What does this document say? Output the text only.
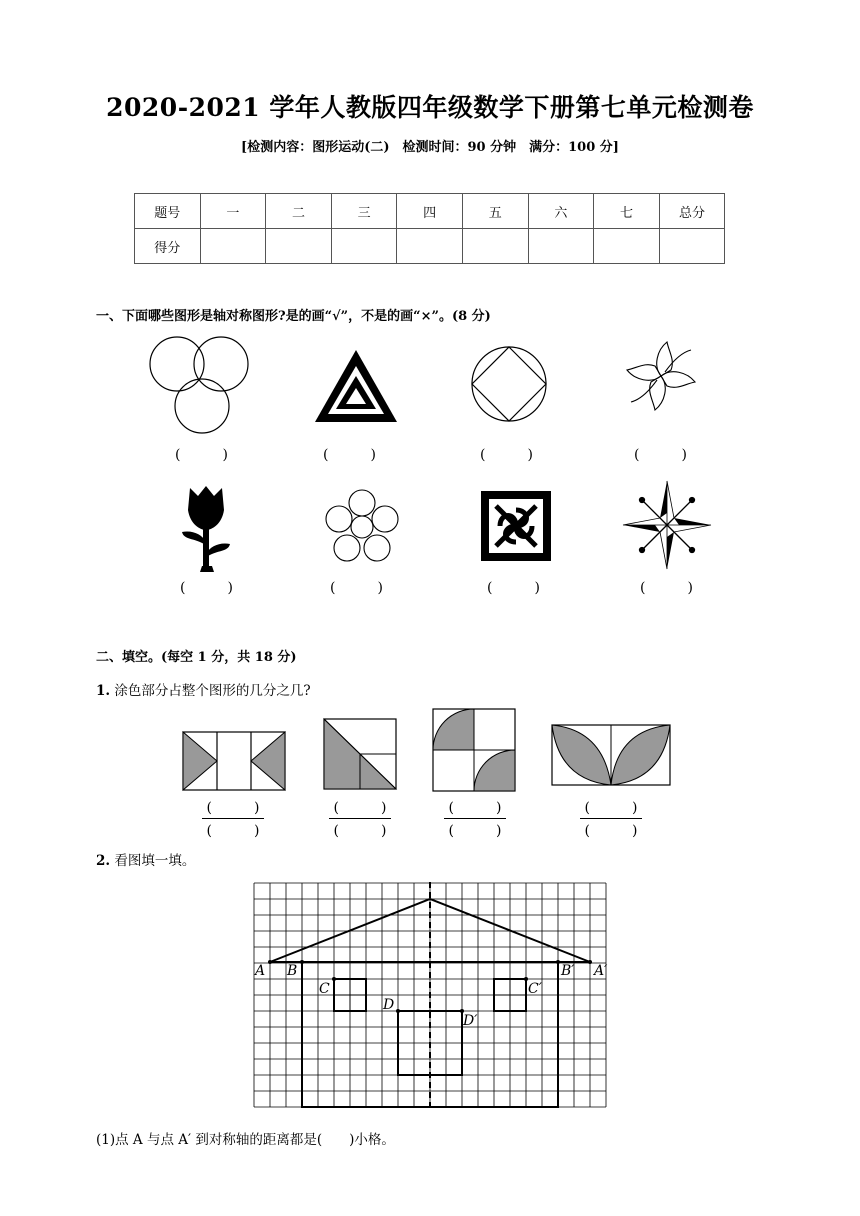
2020-2021 学年人教版四年级数学下册第七单元检测卷
[检测内容：图形运动(二)　检测时间：90 分钟　满分：100 分]
题号	一	二	三	四	五	六	七	总分
得分								
一、下面哪些图形是轴对称图形?是的画“√”，不是的画“×”。(8 分)
(　　　)	(　　　)	(　　　)	(　　　)
(　　　)	(　　　)	(　　　)	(　　　)
二、填空。(每空 1 分，共 18 分)
1. 涂色部分占整个图形的几分之几?
(　　　)
(　　　)
(　　　)
(　　　)
(　　　)
(　　　)
(　　　)
(　　　)
2. 看图填一填。
A B
C
D
A′
B′
C′
D′
(1)点 A 与点 A′ 到对称轴的距离都是(　　)小格。
